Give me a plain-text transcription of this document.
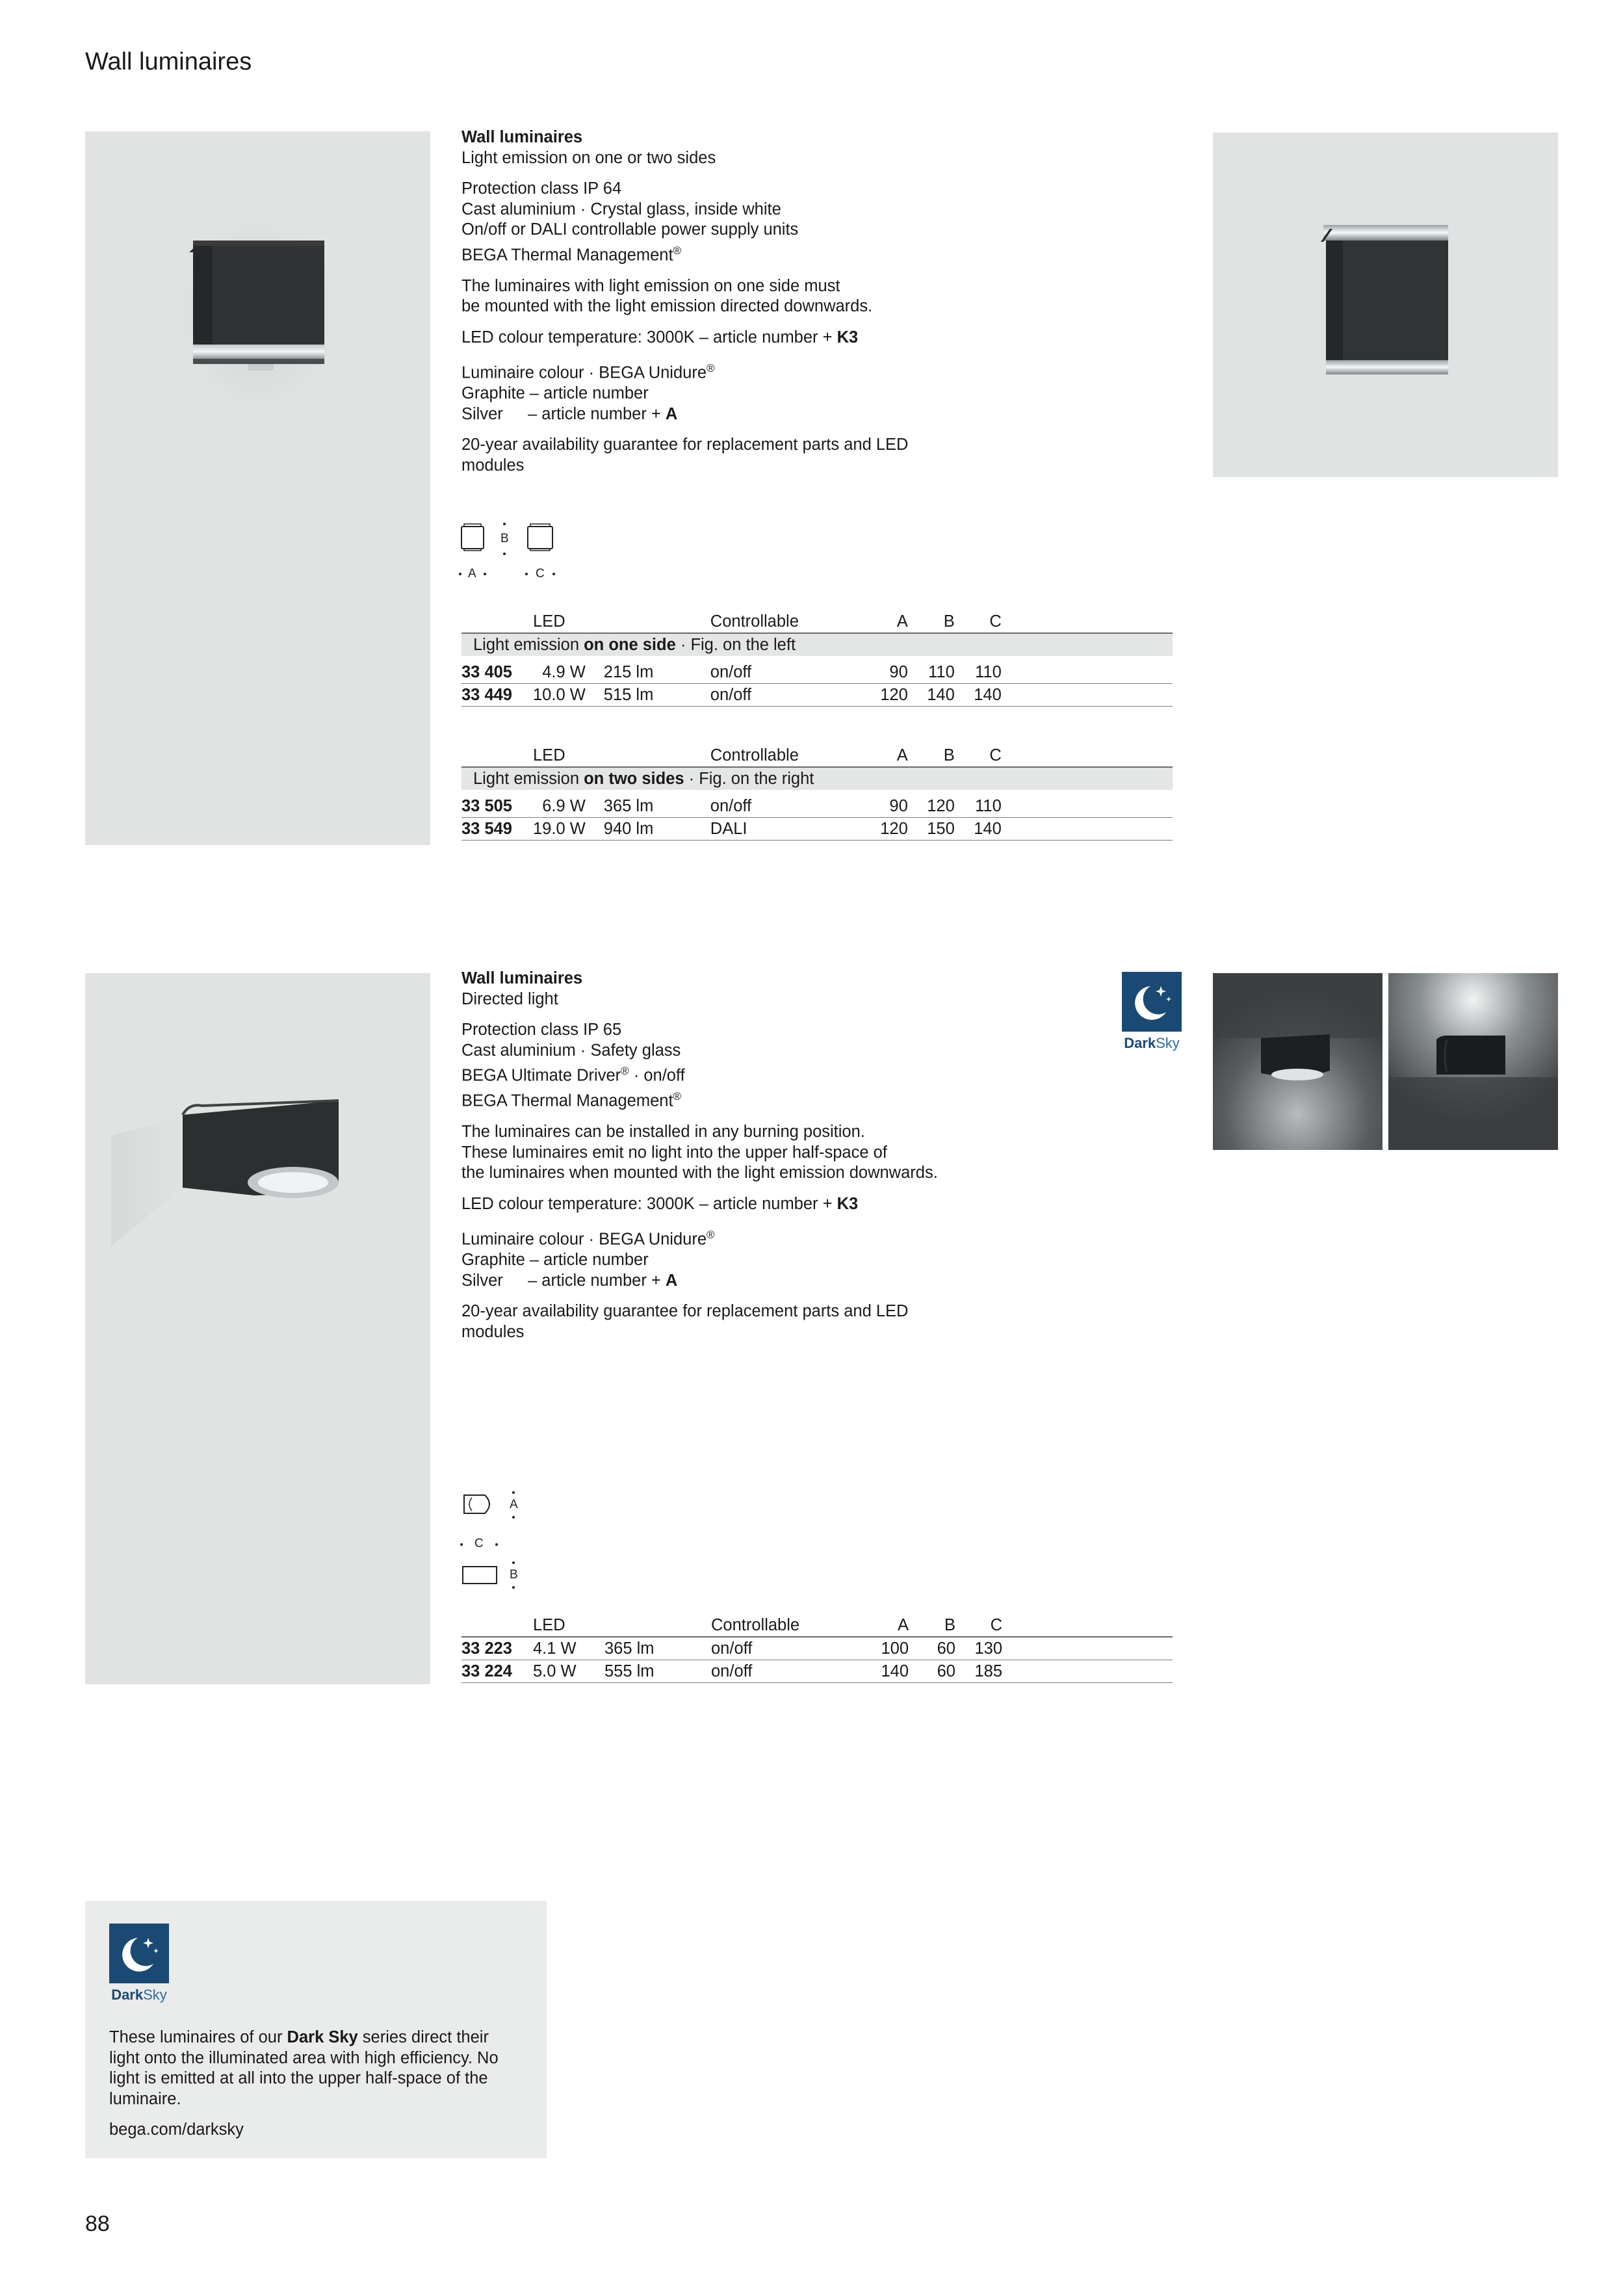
Wall luminaires

Wall luminaires
Light emission on one or two sides

Protection class IP 64
Cast aluminium · Crystal glass, inside white
On/off or DALI controllable power supply units
BEGA Thermal Management®

The luminaires with light emission on one side must
be mounted with the light emission directed downwards.

LED colour temperature: 3000K – article number + K3

Luminaire colour · BEGA Unidure®
Graphite – article number
Silver – article number + A

20-year availability guarantee for replacement parts and LED modules

B
A	C
Light emission on one side · Fig. on the left							
	LED		Controllable	A	B	C	
33 405	4.9 W	215 lm	on/off	90	110	110	
33 449	10.0 W	515 lm	on/off	120	140	140	
Light emission on two sides · Fig. on the right							
	LED		Controllable	A	B	C	
33 505	6.9 W	365 lm	on/off	90	120	110	
33 549	19.0 W	940 lm	DALI	120	150	140	

Wall luminaires
Directed light

Protection class IP 65
Cast aluminium · Safety glass
BEGA Ultimate Driver® · on/off
BEGA Thermal Management®

The luminaires can be installed in any burning position.
These luminaires emit no light into the upper half-space of
the luminaires when mounted with the light emission downwards.

LED colour temperature: 3000K – article number + K3

Luminaire colour · BEGA Unidure®
Graphite – article number
Silver – article number + A

20-year availability guarantee for replacement parts and LED modules

DarkSky
A
C
B
	LED		Controllable	A	B	C	
33 223	4.1 W	365 lm	on/off	100	60	130	
33 224	5.0 W	555 lm	on/off	140	60	185	
DarkSky

These luminaires of our Dark Sky series direct their light onto the illuminated area with high efficiency. No light is emitted at all into the upper half-space of the luminaire.

bega.com/darksky

88
